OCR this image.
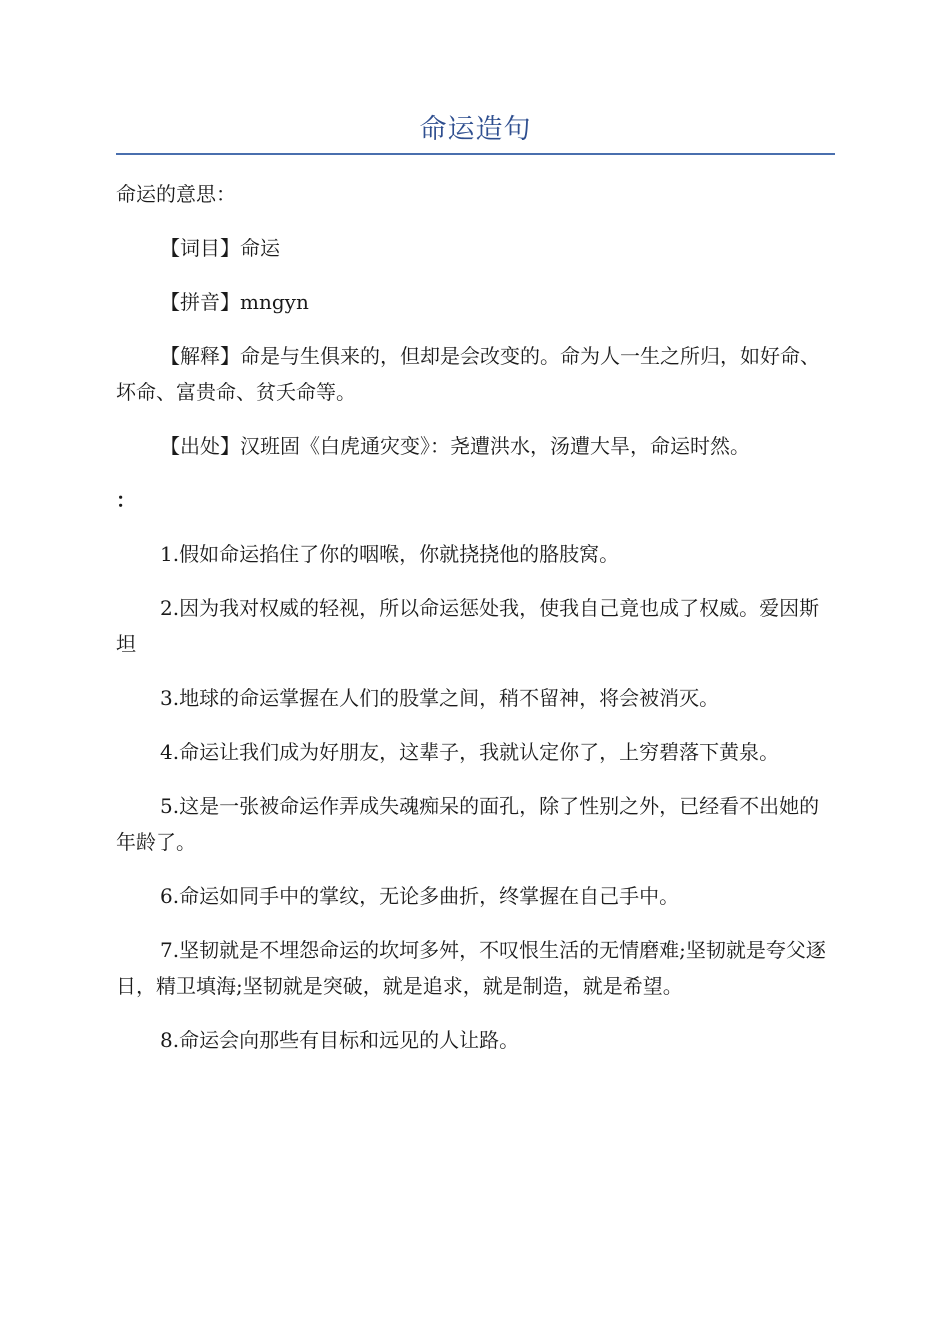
命运造句

命运的意思：

【词目】命运

【拼音】mngyn

【解释】命是与生俱来的，但却是会改变的。命为人一生之所归，如好命、坏命、富贵命、贫夭命等。

【出处】汉班固《白虎通灾变》：尧遭洪水，汤遭大旱，命运时然。

：

1.假如命运掐住了你的咽喉，你就挠挠他的胳肢窝。

2.因为我对权威的轻视，所以命运惩处我，使我自己竟也成了权威。爱因斯坦

3.地球的命运掌握在人们的股掌之间，稍不留神，将会被消灭。

4.命运让我们成为好朋友，这辈子，我就认定你了，上穷碧落下黄泉。

5.这是一张被命运作弄成失魂痴呆的面孔，除了性别之外，已经看不出她的年龄了。

6.命运如同手中的掌纹，无论多曲折，终掌握在自己手中。

7.坚韧就是不埋怨命运的坎坷多舛，不叹恨生活的无情磨难;坚韧就是夸父逐日，精卫填海;坚韧就是突破，就是追求，就是制造，就是希望。

8.命运会向那些有目标和远见的人让路。
